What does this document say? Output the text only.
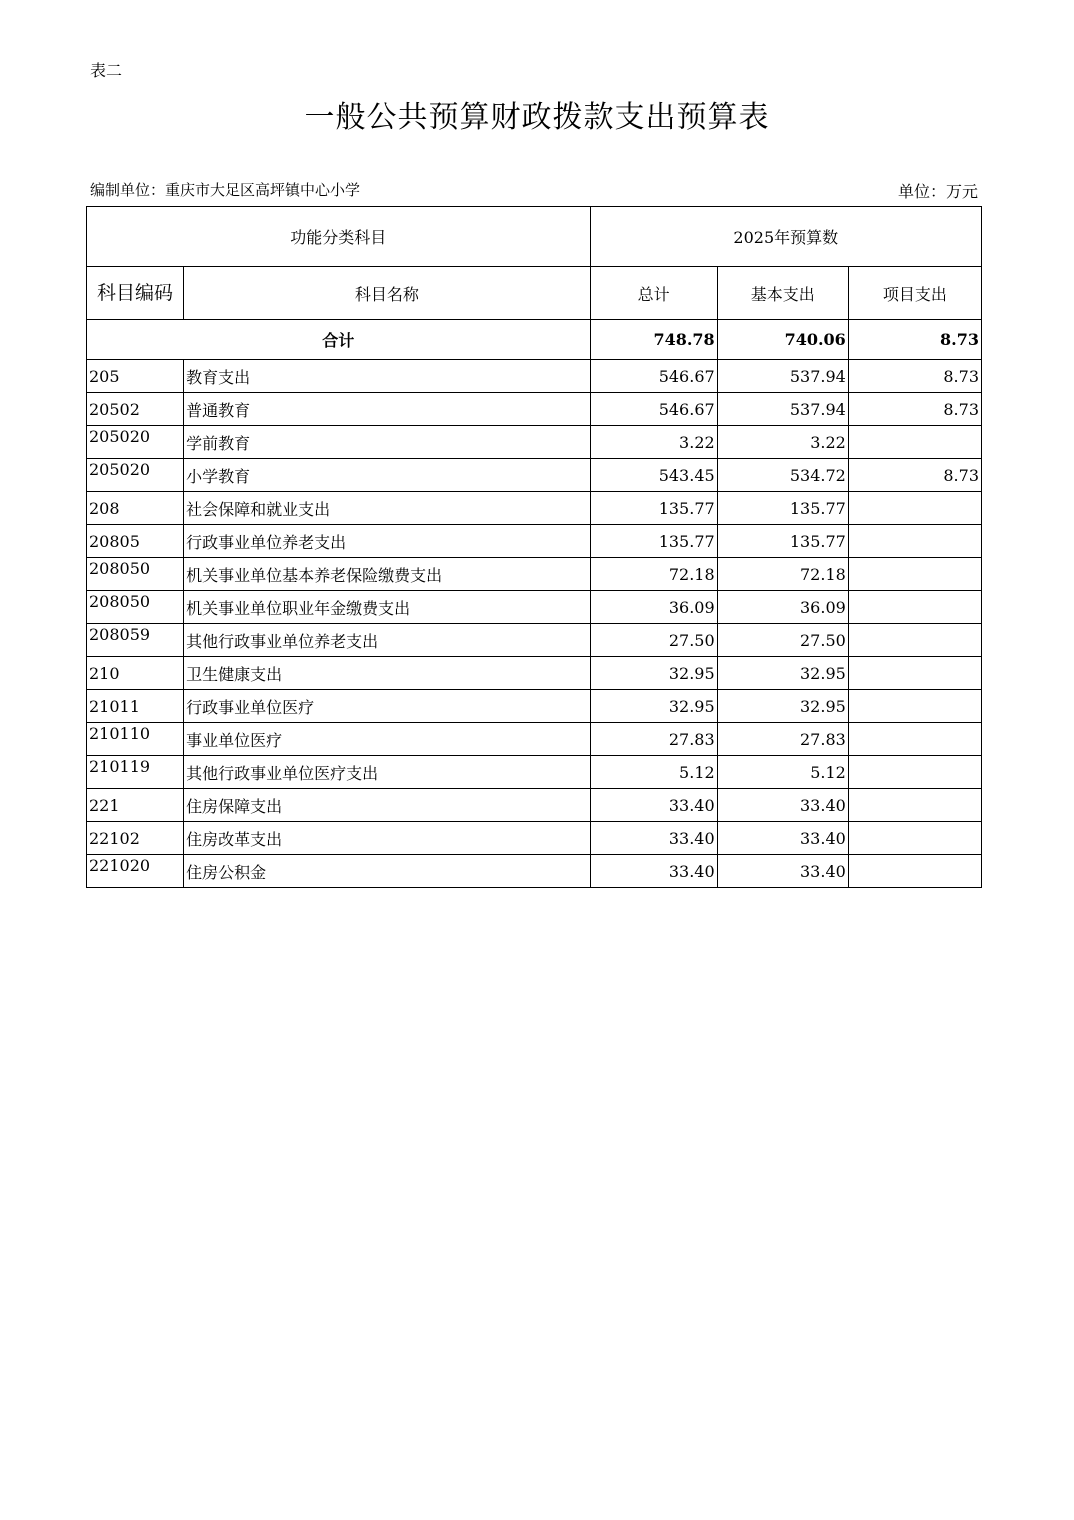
表二
一般公共预算财政拨款支出预算表
编制单位：重庆市大足区高坪镇中心小学	单位：万元
功能分类科目		2025年预算数		
科目编码	科目名称	总计	基本支出	项目支出
合计		748.78	740.06	8.73
205	教育支出	546.67	537.94	8.73
20502	普通教育	546.67	537.94	8.73
205020 1	学前教育	3.22	3.22	
205020 2	小学教育	543.45	534.72	8.73
208	社会保障和就业支出	135.77	135.77	
20805	行政事业单位养老支出	135.77	135.77	
208050 5	机关事业单位基本养老保险缴费支出	72.18	72.18	
208050 6	机关事业单位职业年金缴费支出	36.09	36.09	
208059 9	其他行政事业单位养老支出	27.50	27.50	
210	卫生健康支出	32.95	32.95	
21011	行政事业单位医疗	32.95	32.95	
210110 2	事业单位医疗	27.83	27.83	
210119 9	其他行政事业单位医疗支出	5.12	5.12	
221	住房保障支出	33.40	33.40	
22102	住房改革支出	33.40	33.40	
221020 1	住房公积金	33.40	33.40	
